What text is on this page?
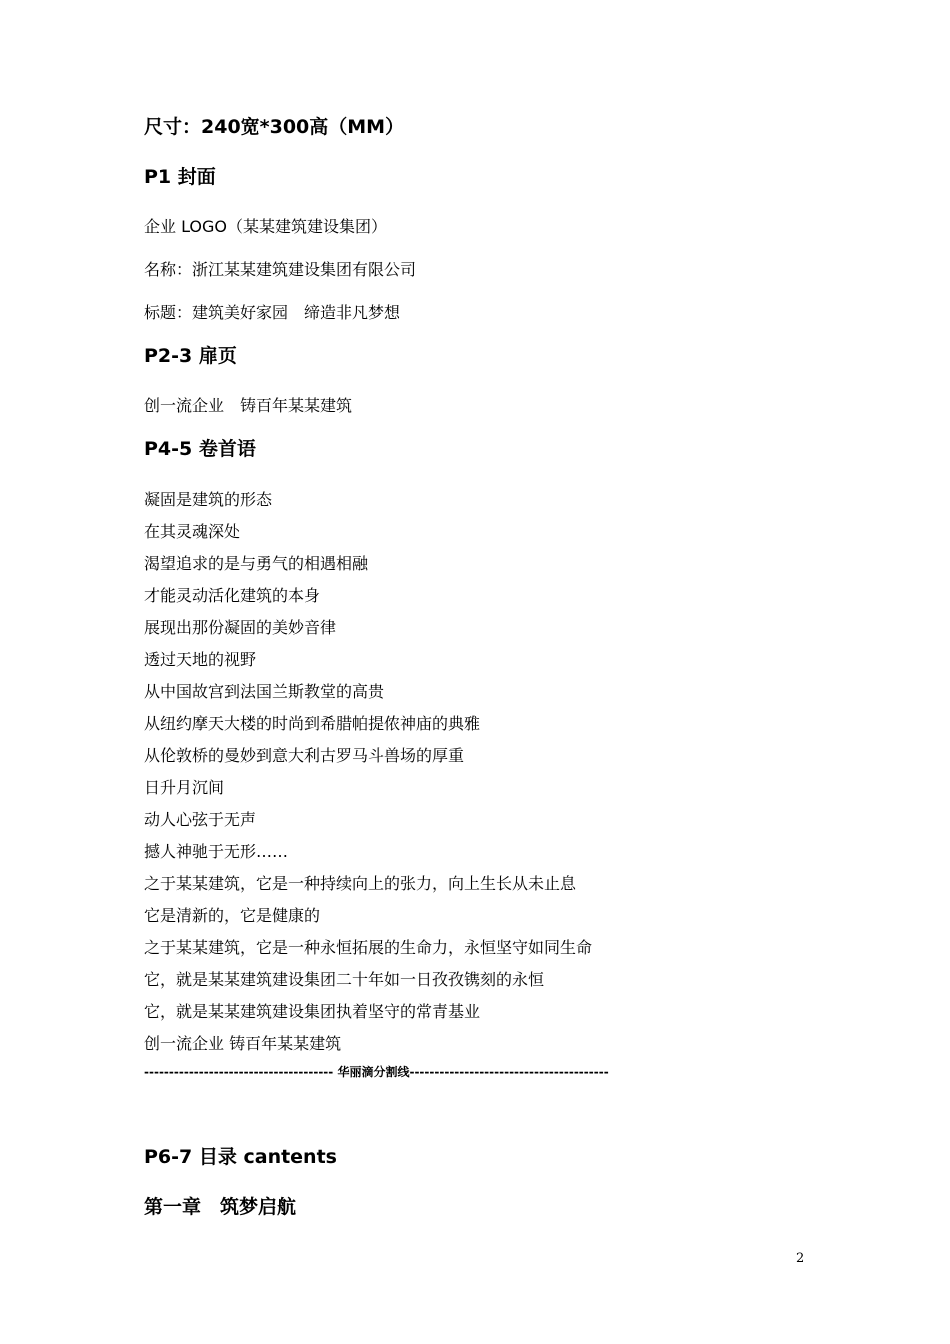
尺寸：240宽*300高（MM）
P1 封面
企业 LOGO（某某建筑建设集团）
名称：浙江某某建筑建设集团有限公司
标题：建筑美好家园　缔造非凡梦想
P2-3 扉页
创一流企业　铸百年某某建筑
P4-5 卷首语
凝固是建筑的形态
在其灵魂深处
渴望追求的是与勇气的相遇相融
才能灵动活化建筑的本身
展现出那份凝固的美妙音律
透过天地的视野
从中国故宫到法国兰斯教堂的高贵
从纽约摩天大楼的时尚到希腊帕提侬神庙的典雅
从伦敦桥的曼妙到意大利古罗马斗兽场的厚重
日升月沉间
动人心弦于无声
撼人神驰于无形……
之于某某建筑，它是一种持续向上的张力，向上生长从未止息
它是清新的，它是健康的
之于某某建筑，它是一种永恒拓展的生命力，永恒坚守如同生命
它，就是某某建筑建设集团二十年如一日孜孜镌刻的永恒
它，就是某某建筑建设集团执着坚守的常青基业
创一流企业 铸百年某某建筑
-------------------------------------- 华丽滴分割线----------------------------------------
P6-7 目录 cantents
第一章　筑梦启航
2
